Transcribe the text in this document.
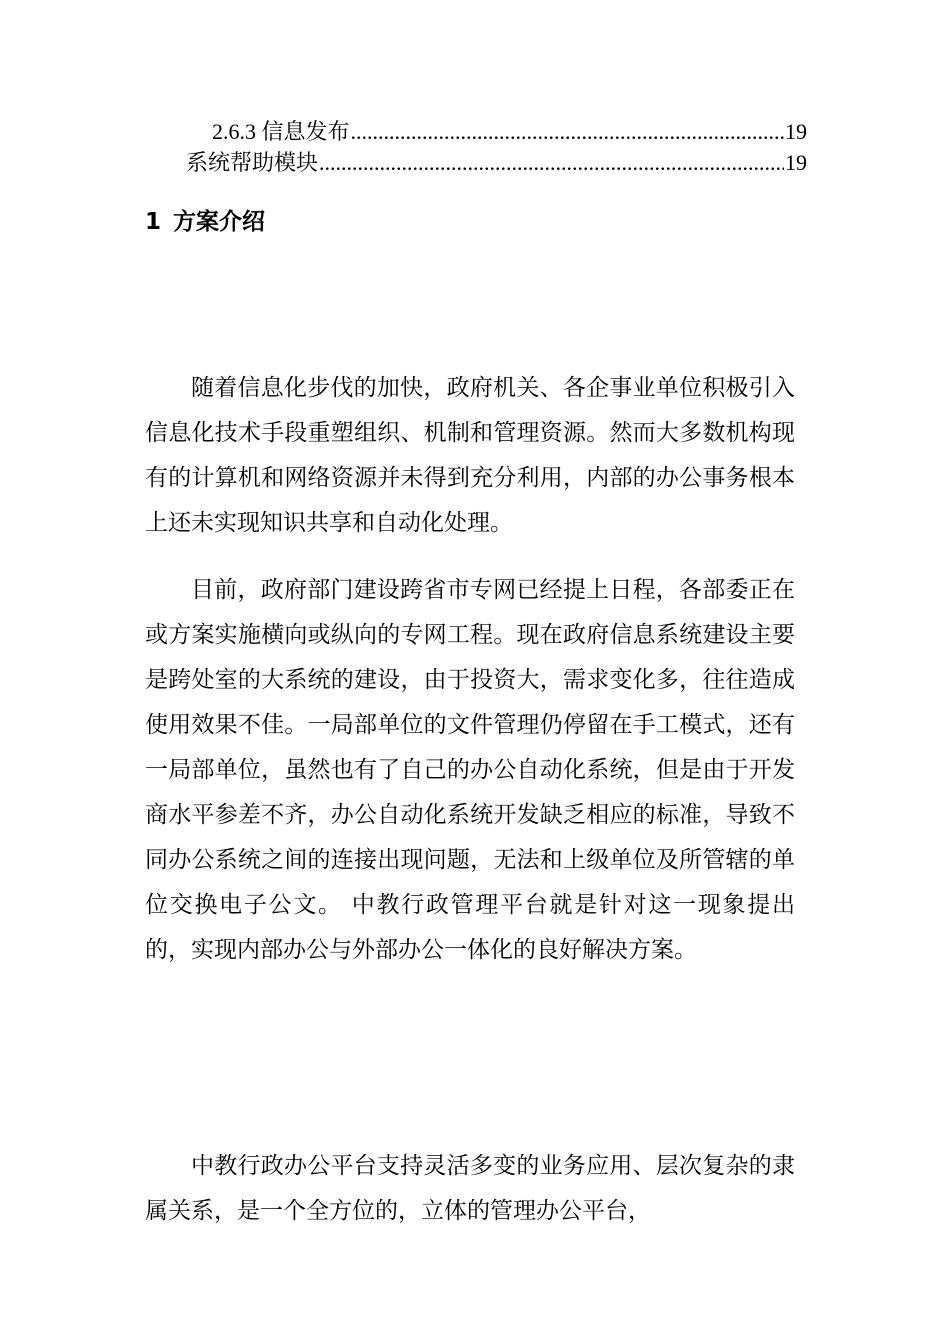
2.6.3 信息发布 .....	19
系统帮助模块 .....	19
1 方案介绍

随着信息化步伐的加快，政府机关、各企事业单位积极引入信息化技术手段重塑组织、机制和管理资源。然而大多数机构现有的计算机和网络资源并未得到充分利用，内部的办公事务根本上还未实现知识共享和自动化处理。

目前，政府部门建设跨省市专网已经提上日程，各部委正在或方案实施横向或纵向的专网工程。现在政府信息系统建设主要是跨处室的大系统的建设，由于投资大，需求变化多，往往造成使用效果不佳。一局部单位的文件管理仍停留在手工模式，还有一局部单位，虽然也有了自己的办公自动化系统，但是由于开发商水平参差不齐，办公自动化系统开发缺乏相应的标准，导致不同办公系统之间的连接出现问题，无法和上级单位及所管辖的单位交换电子公文。 中教行政管理平台就是针对这一现象提出的，实现内部办公与外部办公一体化的良好解决方案。

中教行政办公平台支持灵活多变的业务应用、层次复杂的隶属关系，是一个全方位的，立体的管理办公平台，
